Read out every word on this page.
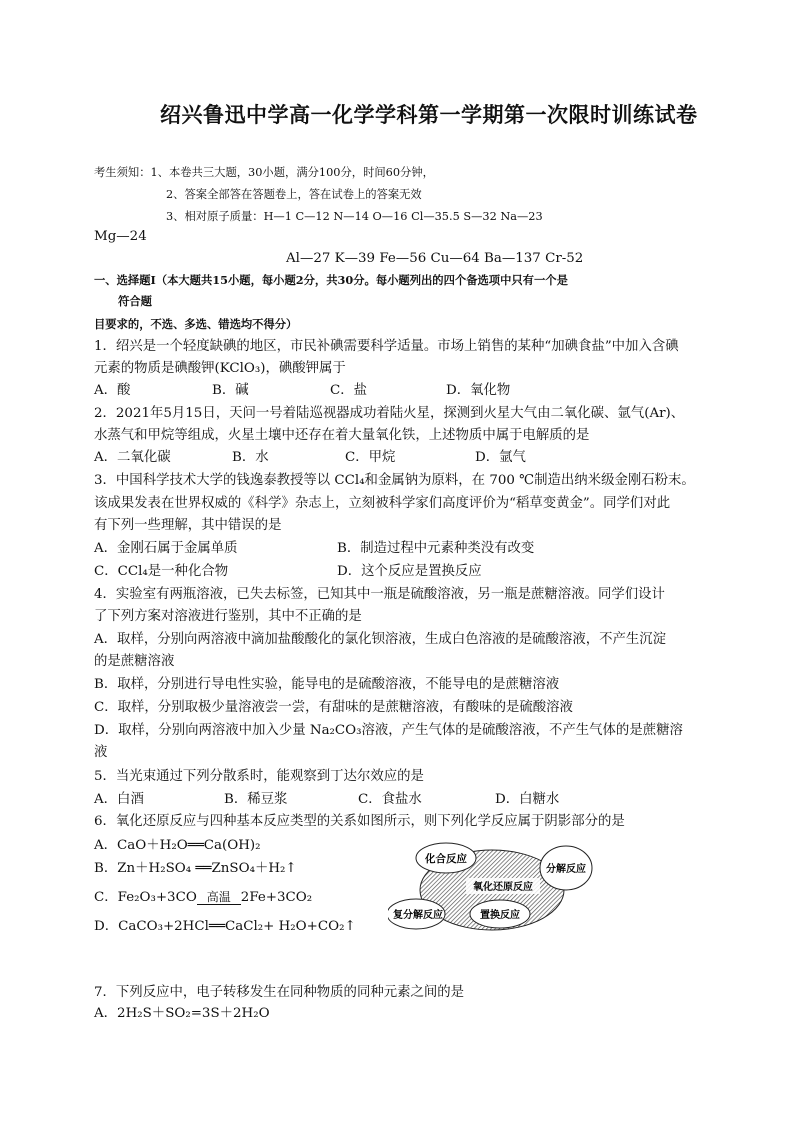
绍兴鲁迅中学高一化学学科第一学期第一次限时训练试卷
考生须知：1、本卷共三大题，30小题，满分100分，时间60分钟，
2、答案全部答在答题卷上，答在试卷上的答案无效
3、相对原子质量：H—1 C—12 N—14 O—16 Cl—35.5 S—32 Na—23
Mg—24
Al—27 K—39 Fe—56 Cu—64 Ba—137 Cr-52
一、选择题Ⅰ（本大题共15小题，每小题2分，共30分。每小题列出的四个备选项中只有一个是
符合题
目要求的，不选、多选、错选均不得分）
1．绍兴是一个轻度缺碘的地区，市民补碘需要科学适量。市场上销售的某种“加碘食盐”中加入含碘
元素的物质是碘酸钾(KClO₃)，碘酸钾属于
A．酸	B．碱	C．盐	D．氧化物
2．2021年5月15日，天问一号着陆巡视器成功着陆火星，探测到火星大气由二氧化碳、氩气(Ar)、
水蒸气和甲烷等组成，火星土壤中还存在着大量氧化铁，上述物质中属于电解质的是
A．二氧化碳	B．水	C．甲烷	D．氩气
3．中国科学技术大学的钱逸泰教授等以 CCl₄和金属钠为原料，在 700 ℃制造出纳米级金刚石粉末。
该成果发表在世界权威的《科学》杂志上，立刻被科学家们高度评价为“稻草变黄金”。同学们对此
有下列一些理解，其中错误的是
A．金刚石属于金属单质	B．制造过程中元素种类没有改变
C．CCl₄是一种化合物	D．这个反应是置换反应
4．实验室有两瓶溶液，已失去标签，已知其中一瓶是硫酸溶液，另一瓶是蔗糖溶液。同学们设计
了下列方案对溶液进行鉴别，其中不正确的是
A．取样，分别向两溶液中滴加盐酸酸化的氯化钡溶液，生成白色溶液的是硫酸溶液，不产生沉淀
的是蔗糖溶液
B．取样，分别进行导电性实验，能导电的是硫酸溶液，不能导电的是蔗糖溶液
C．取样，分别取极少量溶液尝一尝，有甜味的是蔗糖溶液，有酸味的是硫酸溶液
D．取样，分别向两溶液中加入少量 Na₂CO₃溶液，产生气体的是硫酸溶液，不产生气体的是蔗糖溶
液
5．当光束通过下列分散系时，能观察到丁达尔效应的是
A．白酒	B．稀豆浆	C．食盐水	D．白糖水
6．氧化还原反应与四种基本反应类型的关系如图所示，则下列化学反应属于阴影部分的是
A．CaO＋H₂O══Ca(OH)₂
B．Zn＋H₂SO₄ ══ZnSO₄＋H₂↑
C．Fe₂O₃+3CO 高温 2Fe+3CO₂
D．CaCO₃+2HCl══CaCl₂+ H₂O+CO₂↑
化合反应
氧化还原反应
分解反应
复分解反应	置换反应
7．下列反应中，电子转移发生在同种物质的同种元素之间的是
A．2H₂S＋SO₂=3S＋2H₂O
